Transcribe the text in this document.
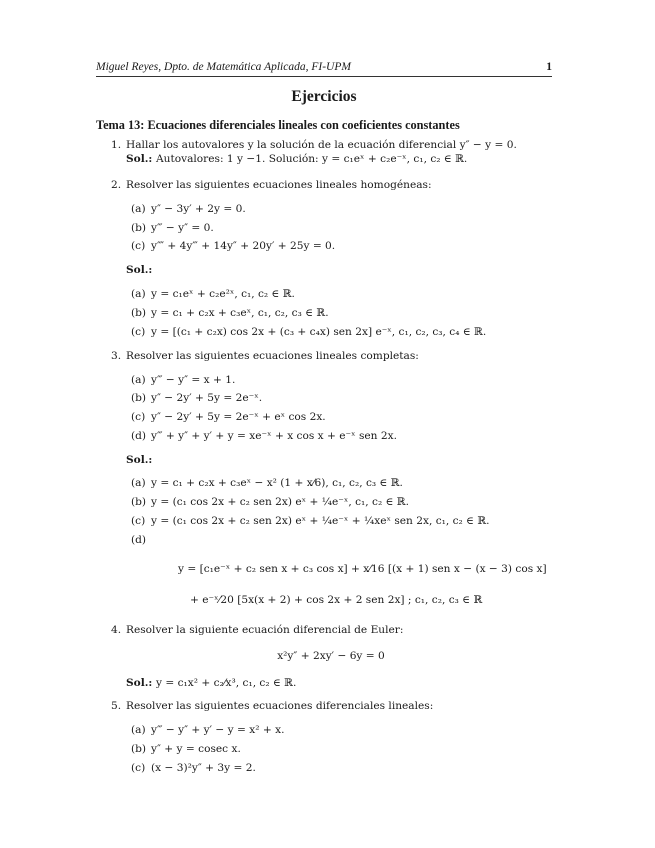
Miguel Reyes, Dpto. de Matemática Aplicada, FI-UPM	1
Ejercicios
Tema 13: Ecuaciones diferenciales lineales con coeficientes constantes
1. Hallar los autovalores y la solución de la ecuación diferencial y″ − y = 0.
Sol.: Autovalores: 1 y −1. Solución: y = c₁eˣ + c₂e⁻ˣ, c₁, c₂ ∈ ℝ.
2. Resolver las siguientes ecuaciones lineales homogéneas:
(a) y″ − 3y′ + 2y = 0.
(b) y‴ − y″ = 0.
(c) y⁗ + 4y‴ + 14y″ + 20y′ + 25y = 0.
Sol.:
(a) y = c₁eˣ + c₂e²ˣ, c₁, c₂ ∈ ℝ.
(b) y = c₁ + c₂x + c₃eˣ, c₁, c₂, c₃ ∈ ℝ.
(c) y = [(c₁ + c₂x) cos 2x + (c₃ + c₄x) sen 2x] e⁻ˣ, c₁, c₂, c₃, c₄ ∈ ℝ.
3. Resolver las siguientes ecuaciones lineales completas:
(a) y‴ − y″ = x + 1.
(b) y″ − 2y′ + 5y = 2e⁻ˣ.
(c) y″ − 2y′ + 5y = 2e⁻ˣ + eˣ cos 2x.
(d) y‴ + y″ + y′ + y = xe⁻ˣ + x cos x + e⁻ˣ sen 2x.
Sol.:
(a) y = c₁ + c₂x + c₃eˣ − x² (1 + x⁄6), c₁, c₂, c₃ ∈ ℝ.
(b) y = (c₁ cos 2x + c₂ sen 2x) eˣ + ¼e⁻ˣ, c₁, c₂ ∈ ℝ.
(c) y = (c₁ cos 2x + c₂ sen 2x) eˣ + ¼e⁻ˣ + ¼xeˣ sen 2x, c₁, c₂ ∈ ℝ.
(d)
y = [c₁e⁻ˣ + c₂ sen x + c₃ cos x] + x⁄16 [(x + 1) sen x − (x − 3) cos x]
+ e⁻ˣ⁄20 [5x(x + 2) + cos 2x + 2 sen 2x] ; c₁, c₂, c₃ ∈ ℝ
4. Resolver la siguiente ecuación diferencial de Euler:
x²y″ + 2xy′ − 6y = 0
Sol.: y = c₁x² + c₂⁄x³, c₁, c₂ ∈ ℝ.
5. Resolver las siguientes ecuaciones diferenciales lineales:
(a) y‴ − y″ + y′ − y = x² + x.
(b) y″ + y = cosec x.
(c) (x − 3)²y″ + 3y = 2.
